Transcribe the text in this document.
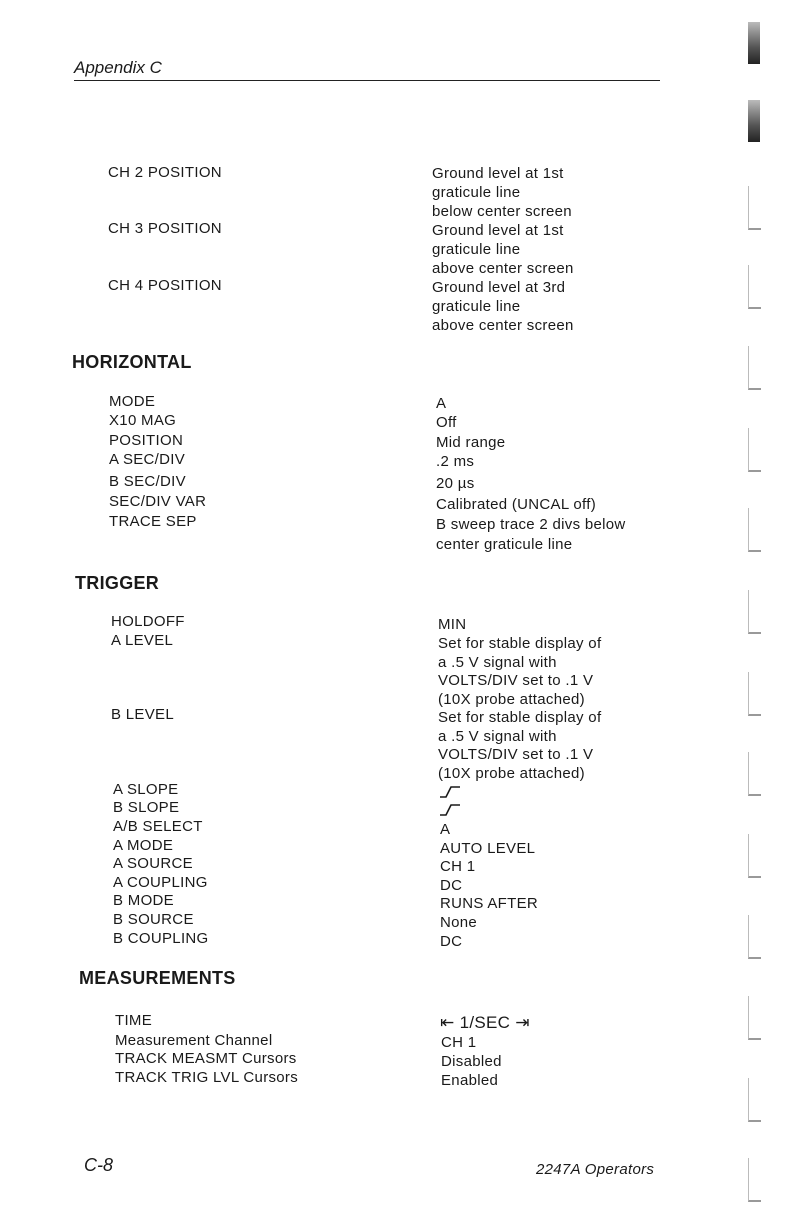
Appendix C
CH 2 POSITION	Ground level at 1st
graticule line
below center screen
CH 3 POSITION	Ground level at 1st
graticule line
above center screen
CH 4 POSITION	Ground level at 3rd
graticule line
above center screen
HORIZONTAL
MODE	A
X10 MAG	Off
POSITION	Mid range
A SEC/DIV	.2 ms
B SEC/DIV	20 µs
SEC/DIV VAR	Calibrated (UNCAL off)
TRACE SEP	B sweep trace 2 divs below
center graticule line
TRIGGER
HOLDOFF	MIN
A LEVEL	Set for stable display of
a .5 V signal with
VOLTS/DIV set to .1 V
(10X probe attached)
B LEVEL	Set for stable display of
a .5 V signal with
VOLTS/DIV set to .1 V
(10X probe attached)
A SLOPE
B SLOPE
A/B SELECT	A
A MODE	AUTO LEVEL
A SOURCE	CH 1
A COUPLING	DC
B MODE	RUNS AFTER
B SOURCE	None
B COUPLING	DC
MEASUREMENTS
TIME	⇤ 1/SEC ⇥
Measurement Channel	CH 1
TRACK MEASMT Cursors	Disabled
TRACK TRIG LVL Cursors	Enabled
C-8	2247A Operators
